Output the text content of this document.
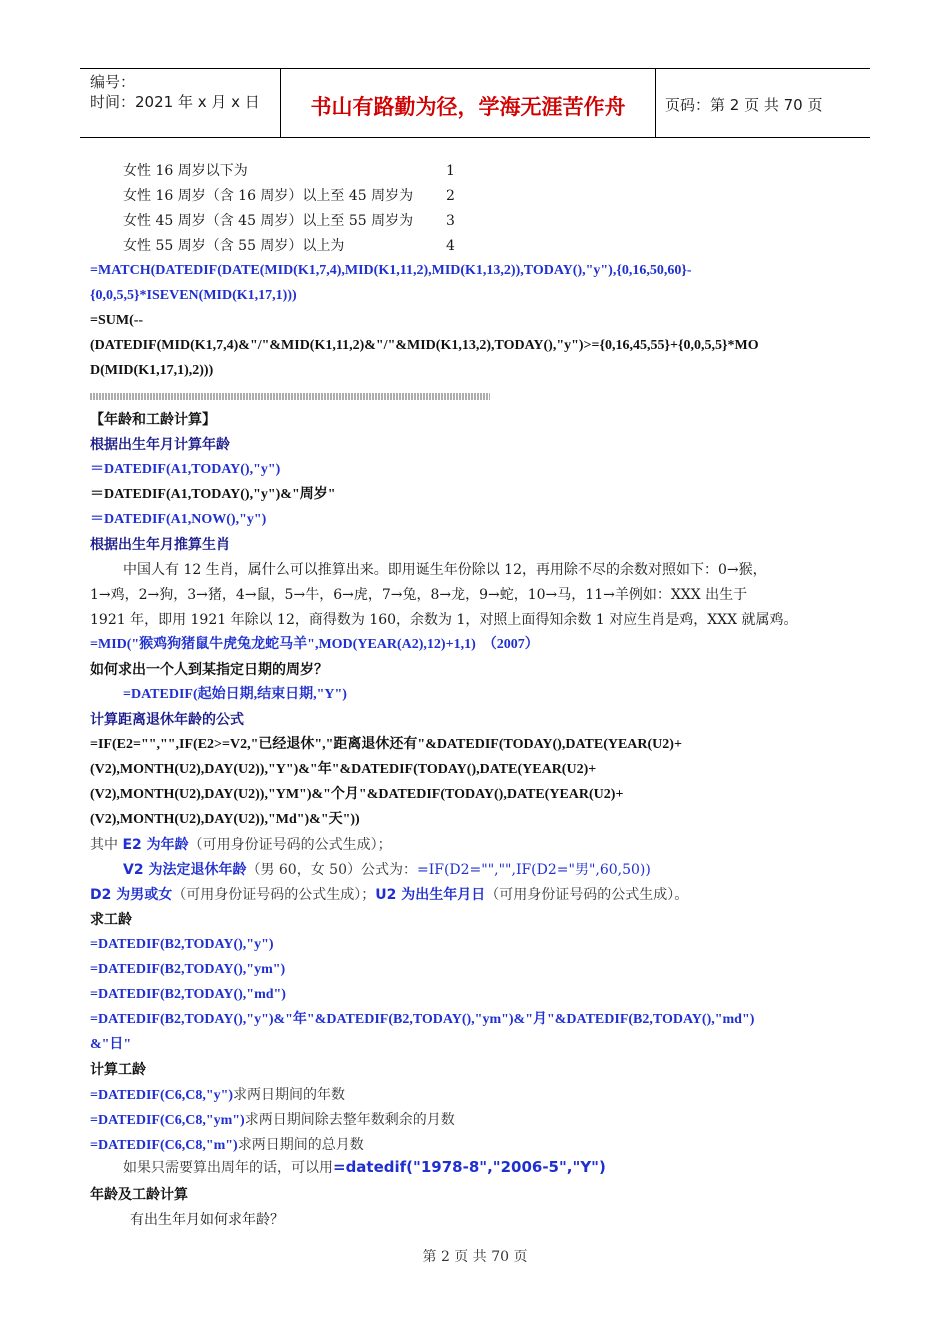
编号：
时间：2021 年 x 月 x 日	书山有路勤为径，学海无涯苦作舟	页码：第 2 页 共 70 页
女性 16 周岁以下为	1
女性 16 周岁（含 16 周岁）以上至 45 周岁为 2
女性 45 周岁（含 45 周岁）以上至 55 周岁为 3
女性 55 周岁（含 55 周岁）以上为	4
=MATCH(DATEDIF(DATE(MID(K1,7,4),MID(K1,11,2),MID(K1,13,2)),TODAY(),"y"),{0,16,50,60}-
{0,0,5,5}*ISEVEN(MID(K1,17,1)))
=SUM(--
(DATEDIF(MID(K1,7,4)&"/"&MID(K1,11,2)&"/"&MID(K1,13,2),TODAY(),"y")>={0,16,45,55}+{0,0,5,5}*MO
D(MID(K1,17,1),2)))
【年龄和工龄计算】
根据出生年月计算年龄
＝DATEDIF(A1,TODAY(),"y")
＝DATEDIF(A1,TODAY(),"y")&"周岁"
＝DATEDIF(A1,NOW(),"y")
根据出生年月推算生肖
中国人有 12 生肖，属什么可以推算出来。即用诞生年份除以 12，再用除不尽的余数对照如下：0→猴，
1→鸡，2→狗，3→猪，4→鼠，5→牛，6→虎，7→兔，8→龙，9→蛇，10→马，11→羊例如：XXX 出生于
1921 年，即用 1921 年除以 12，商得数为 160，余数为 1，对照上面得知余数 1 对应生肖是鸡，XXX 就属鸡。
=MID("猴鸡狗猪鼠牛虎兔龙蛇马羊",MOD(YEAR(A2),12)+1,1)　（2007）
如何求出一个人到某指定日期的周岁？
=DATEDIF(起始日期,结束日期,"Y")
计算距离退休年龄的公式
=IF(E2="","",IF(E2>=V2,"已经退休","距离退休还有"&DATEDIF(TODAY(),DATE(YEAR(U2)+
(V2),MONTH(U2),DAY(U2)),"Y")&"年"&DATEDIF(TODAY(),DATE(YEAR(U2)+
(V2),MONTH(U2),DAY(U2)),"YM")&"个月"&DATEDIF(TODAY(),DATE(YEAR(U2)+
(V2),MONTH(U2),DAY(U2)),"Md")&"天"))
其中 E2 为年龄（可用身份证号码的公式生成）；
V2 为法定退休年龄（男 60，女 50）公式为：=IF(D2="","",IF(D2="男",60,50))
D2 为男或女（可用身份证号码的公式生成）；U2 为出生年月日（可用身份证号码的公式生成）。
求工龄
=DATEDIF(B2,TODAY(),"y")
=DATEDIF(B2,TODAY(),"ym")
=DATEDIF(B2,TODAY(),"md")
=DATEDIF(B2,TODAY(),"y")&"年"&DATEDIF(B2,TODAY(),"ym")&"月"&DATEDIF(B2,TODAY(),"md")
&"日"
计算工龄
=DATEDIF(C6,C8,"y")求两日期间的年数
=DATEDIF(C6,C8,"ym")求两日期间除去整年数剩余的月数
=DATEDIF(C6,C8,"m")求两日期间的总月数
如果只需要算出周年的话，可以用=datedif("1978-8","2006-5","Y")
年龄及工龄计算
有出生年月如何求年龄？
第 2 页 共 70 页
